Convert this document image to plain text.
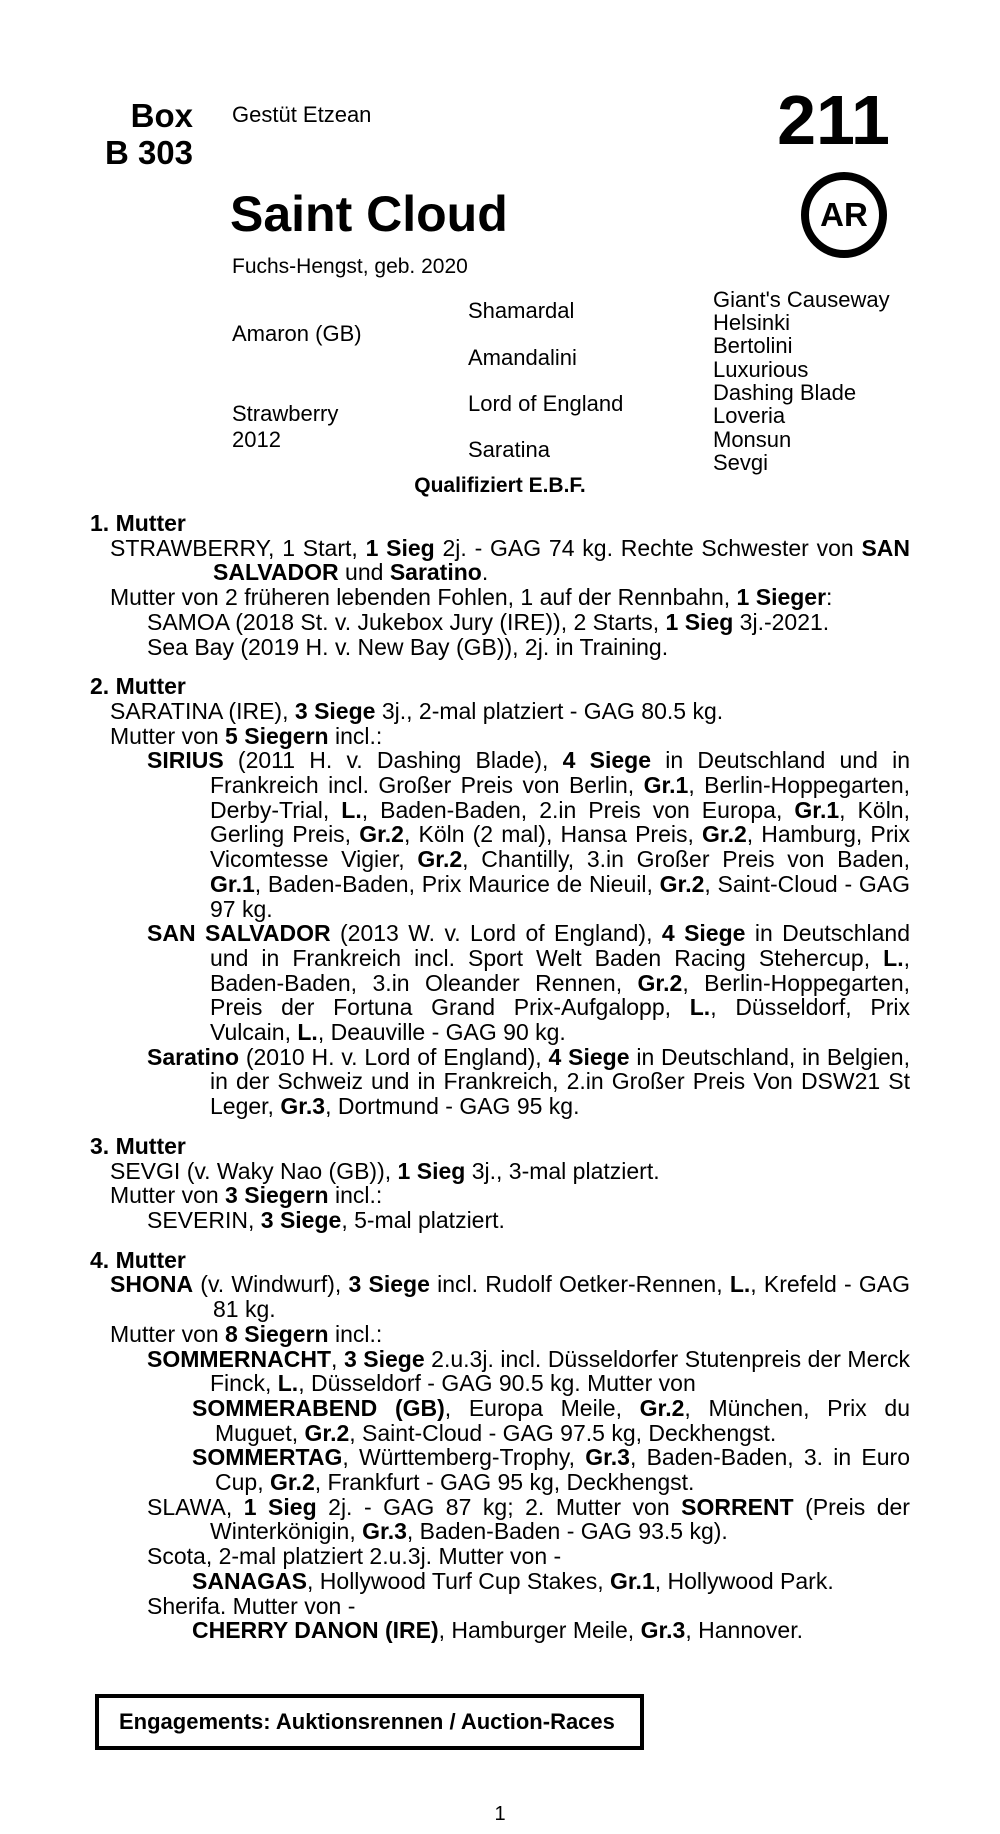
Box
B 303
Gestüt Etzean	211
Saint Cloud
Fuchs-Hengst, geb. 2020
AR
Amaron (GB)
Strawberry
2012
Shamardal
Amandalini
Lord of England
Saratina
Giant's Causeway
Helsinki
Bertolini
Luxurious
Dashing Blade
Loveria
Monsun
Sevgi
Qualifiziert E.B.F.
1. Mutter

STRAWBERRY, 1 Start, 1 Sieg 2j. - GAG 74 kg. Rechte Schwester von SAN SALVADOR und Saratino.

Mutter von 2 früheren lebenden Fohlen, 1 auf der Rennbahn, 1 Sieger:

SAMOA (2018 St. v. Jukebox Jury (IRE)), 2 Starts, 1 Sieg 3j.-2021.

Sea Bay (2019 H. v. New Bay (GB)), 2j. in Training.

2. Mutter

SARATINA (IRE), 3 Siege 3j., 2-mal platziert - GAG 80.5 kg.

Mutter von 5 Siegern incl.:

SIRIUS (2011 H. v. Dashing Blade), 4 Siege in Deutschland und in Frankreich incl. Großer Preis von Berlin, Gr.1, Berlin-Hoppegarten, Derby-Trial, L., Baden-Baden, 2.in Preis von Europa, Gr.1, Köln, Gerling Preis, Gr.2, Köln (2 mal), Hansa Preis, Gr.2, Hamburg, Prix Vicomtesse Vigier, Gr.2, Chantilly, 3.in Großer Preis von Baden, Gr.1, Baden-Baden, Prix Maurice de Nieuil, Gr.2, Saint-Cloud - GAG 97 kg.

SAN SALVADOR (2013 W. v. Lord of England), 4 Siege in Deutschland und in Frankreich incl. Sport Welt Baden Racing Stehercup, L., Baden-Baden, 3.in Oleander Rennen, Gr.2, Berlin-Hoppegarten, Preis der Fortuna Grand Prix-Aufgalopp, L., Düsseldorf, Prix Vulcain, L., Deauville - GAG 90 kg.

Saratino (2010 H. v. Lord of England), 4 Siege in Deutschland, in Belgien, in der Schweiz und in Frankreich, 2.in Großer Preis Von DSW21 St Leger, Gr.3, Dortmund - GAG 95 kg.

3. Mutter

SEVGI (v. Waky Nao (GB)), 1 Sieg 3j., 3-mal platziert.

Mutter von 3 Siegern incl.:

SEVERIN, 3 Siege, 5-mal platziert.

4. Mutter

SHONA (v. Windwurf), 3 Siege incl. Rudolf Oetker-Rennen, L., Krefeld - GAG 81 kg.

Mutter von 8 Siegern incl.:

SOMMERNACHT, 3 Siege 2.u.3j. incl. Düsseldorfer Stutenpreis der Merck Finck, L., Düsseldorf - GAG 90.5 kg. Mutter von

SOMMERABEND (GB), Europa Meile, Gr.2, München, Prix du Muguet, Gr.2, Saint-Cloud - GAG 97.5 kg, Deckhengst.

SOMMERTAG, Württemberg-Trophy, Gr.3, Baden-Baden, 3. in Euro Cup, Gr.2, Frankfurt - GAG 95 kg, Deckhengst.

SLAWA, 1 Sieg 2j. - GAG 87 kg; 2. Mutter von SORRENT (Preis der Winterkönigin, Gr.3, Baden-Baden - GAG 93.5 kg).

Scota, 2-mal platziert 2.u.3j. Mutter von -

SANAGAS, Hollywood Turf Cup Stakes, Gr.1, Hollywood Park.

Sherifa. Mutter von -

CHERRY DANON (IRE), Hamburger Meile, Gr.3, Hannover.

Engagements: Auktionsrennen / Auction-Races
1
